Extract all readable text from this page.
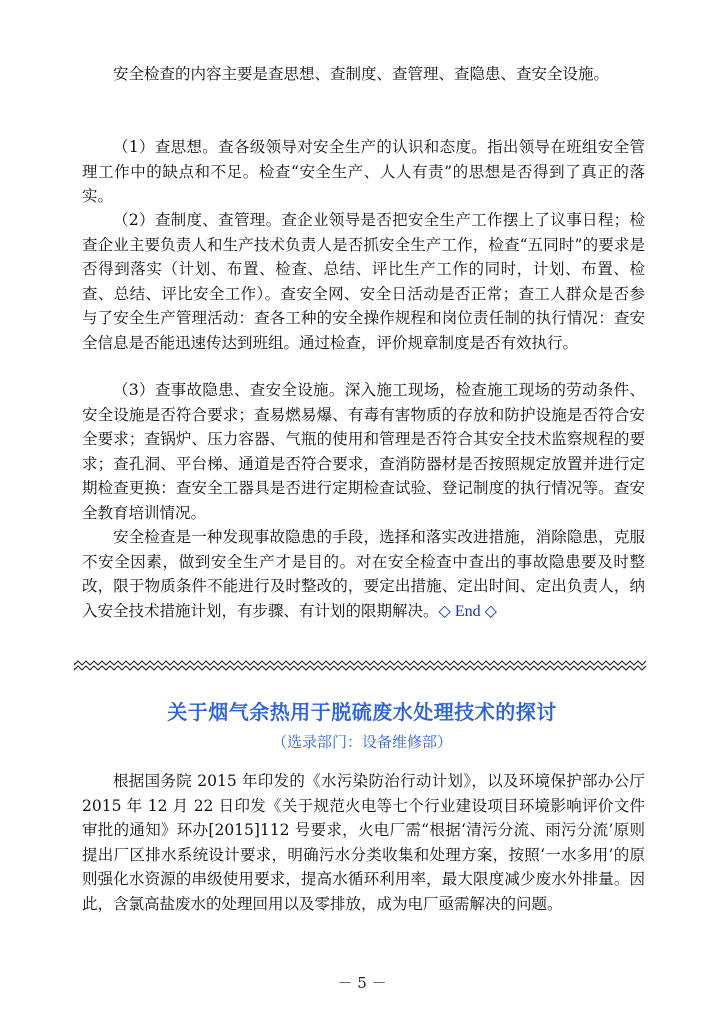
安全检查的内容主要是查思想、查制度、查管理、查隐患、查安全设施。

（1）查思想。查各级领导对安全生产的认识和态度。指出领导在班组安全管理工作中的缺点和不足。检查“安全生产、人人有责”的思想是否得到了真正的落实。

（2）查制度、查管理。查企业领导是否把安全生产工作摆上了议事日程；检查企业主要负责人和生产技术负责人是否抓安全生产工作，检查“五同时”的要求是否得到落实（计划、布置、检查、总结、评比生产工作的同时，计划、布置、检查、总结、评比安全工作）。查安全网、安全日活动是否正常；查工人群众是否参与了安全生产管理活动：查各工种的安全操作规程和岗位责任制的执行情况：查安全信息是否能迅速传达到班组。通过检查，评价规章制度是否有效执行。

（3）查事故隐患、查安全设施。深入施工现场，检查施工现场的劳动条件、安全设施是否符合要求；查易燃易爆、有毒有害物质的存放和防护设施是否符合安全要求；查锅炉、压力容器、气瓶的使用和管理是否符合其安全技术监察规程的要求；查孔洞、平台梯、通道是否符合要求，查消防器材是否按照规定放置并进行定期检查更换：查安全工器具是否进行定期检查试验、登记制度的执行情况等。查安全教育培训情况。

安全检查是一种发现事故隐患的手段，选择和落实改进措施，消除隐患，克服不安全因素，做到安全生产才是目的。对在安全检查中查出的事故隐患要及时整改，限于物质条件不能进行及时整改的，要定出措施、定出时间、定出负责人，纳入安全技术措施计划，有步骤、有计划的限期解决。◇ End ◇

关于烟气余热用于脱硫废水处理技术的探讨

（选录部门：设备维修部）

根据国务院 2015 年印发的《水污染防治行动计划》，以及环境保护部办公厅 2015 年 12 月 22 日印发《关于规范火电等七个行业建设项目环境影响评价文件审批的通知》环办[2015]112 号要求，火电厂需“根据‘清污分流、雨污分流’原则提出厂区排水系统设计要求，明确污水分类收集和处理方案，按照‘一水多用’的原则强化水资源的串级使用要求，提高水循环利用率，最大限度减少废水外排量。因此，含氯高盐废水的处理回用以及零排放，成为电厂亟需解决的问题。

－ 5 －
